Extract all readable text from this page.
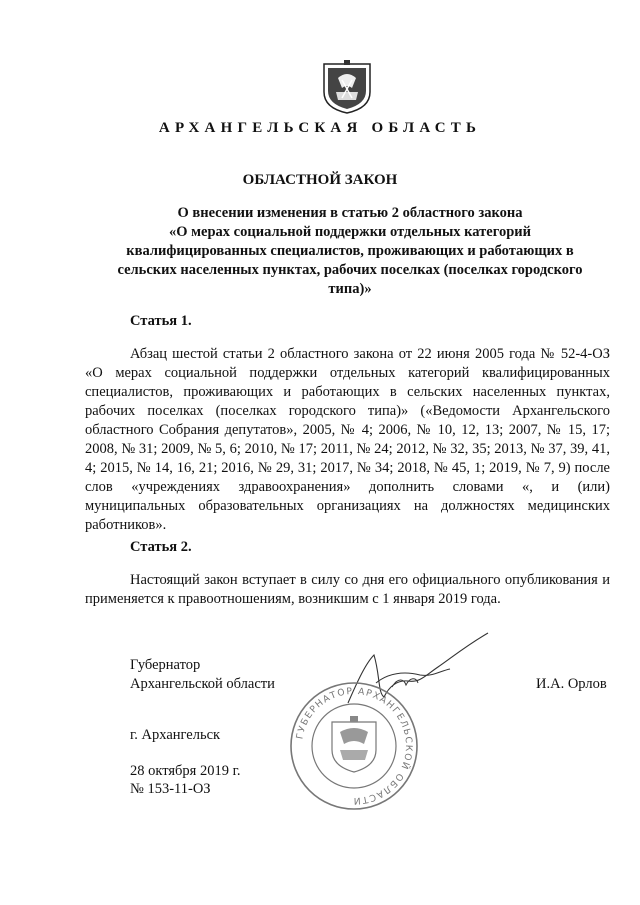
АРХАНГЕЛЬСКАЯ ОБЛАСТЬ
ОБЛАСТНОЙ ЗАКОН
О внесении изменения в статью 2 областного закона
«О мерах социальной поддержки отдельных категорий
квалифицированных специалистов, проживающих и работающих в
сельских населенных пунктах, рабочих поселках (поселках городского
типа)»
Статья 1.

Абзац шестой статьи 2 областного закона от 22 июня 2005 года № 52-4-ОЗ «О мерах социальной поддержки отдельных категорий квалифицированных специалистов, проживающих и работающих в сельских населенных пунктах, рабочих поселках (поселках городского типа)» («Ведомости Архангельского областного Собрания депутатов», 2005, № 4; 2006, № 10, 12, 13; 2007, № 15, 17; 2008, № 31; 2009, № 5, 6; 2010, № 17; 2011, № 24; 2012, № 32, 35; 2013, № 37, 39, 41, 4; 2015, № 14, 16, 21; 2016, № 29, 31; 2017, № 34; 2018, № 45, 1; 2019, № 7, 9) после слов «учреждениях здравоохранения» дополнить словами «, и (или) муниципальных образовательных организациях на должностях медицинских работников».

Статья 2.

Настоящий закон вступает в силу со дня его официального опубликования и применяется к правоотношениям, возникшим с 1 января 2019 года.

Губернатор
Архангельской области	И.А. Орлов
ГУБЕРНАТОР АРХАНГЕЛЬСКОЙ ОБЛАСТИ
г. Архангельск
28 октября 2019 г.
№ 153-11-ОЗ
